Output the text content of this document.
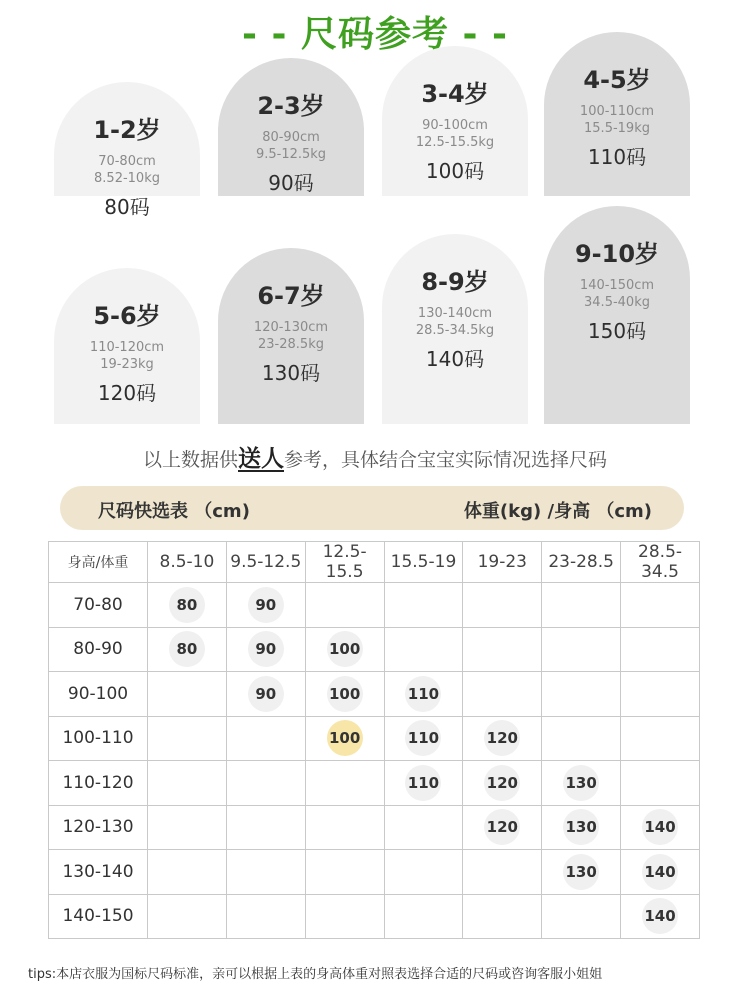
- - 尺码参考 - -
1-2岁
70-80cm
8.52-10kg
80码
2-3岁
80-90cm
9.5-12.5kg
90码
3-4岁
90-100cm
12.5-15.5kg
100码
4-5岁
100-110cm
15.5-19kg
110码
5-6岁
110-120cm
19-23kg
120码
6-7岁
120-130cm
23-28.5kg
130码
8-9岁
130-140cm
28.5-34.5kg
140码
9-10岁
140-150cm
34.5-40kg
150码
以上数据供送人参考，具体结合宝宝实际情况选择尺码
尺码快选表 （cm)	体重(kg) /身高 （cm)
身高/体重	8.5-10	9.5-12.5	12.5-15.5	15.5-19	19-23	23-28.5	28.5-34.5
70-80	80	90					
80-90	80	90	100				
90-100		90	100	110			
100-110			100	110	120		
110-120				110	120	130	
120-130					120	130	140
130-140						130	140
140-150							140
tips:本店衣服为国标尺码标准，亲可以根据上表的身高体重对照表选择合适的尺码或咨询客服小姐姐
